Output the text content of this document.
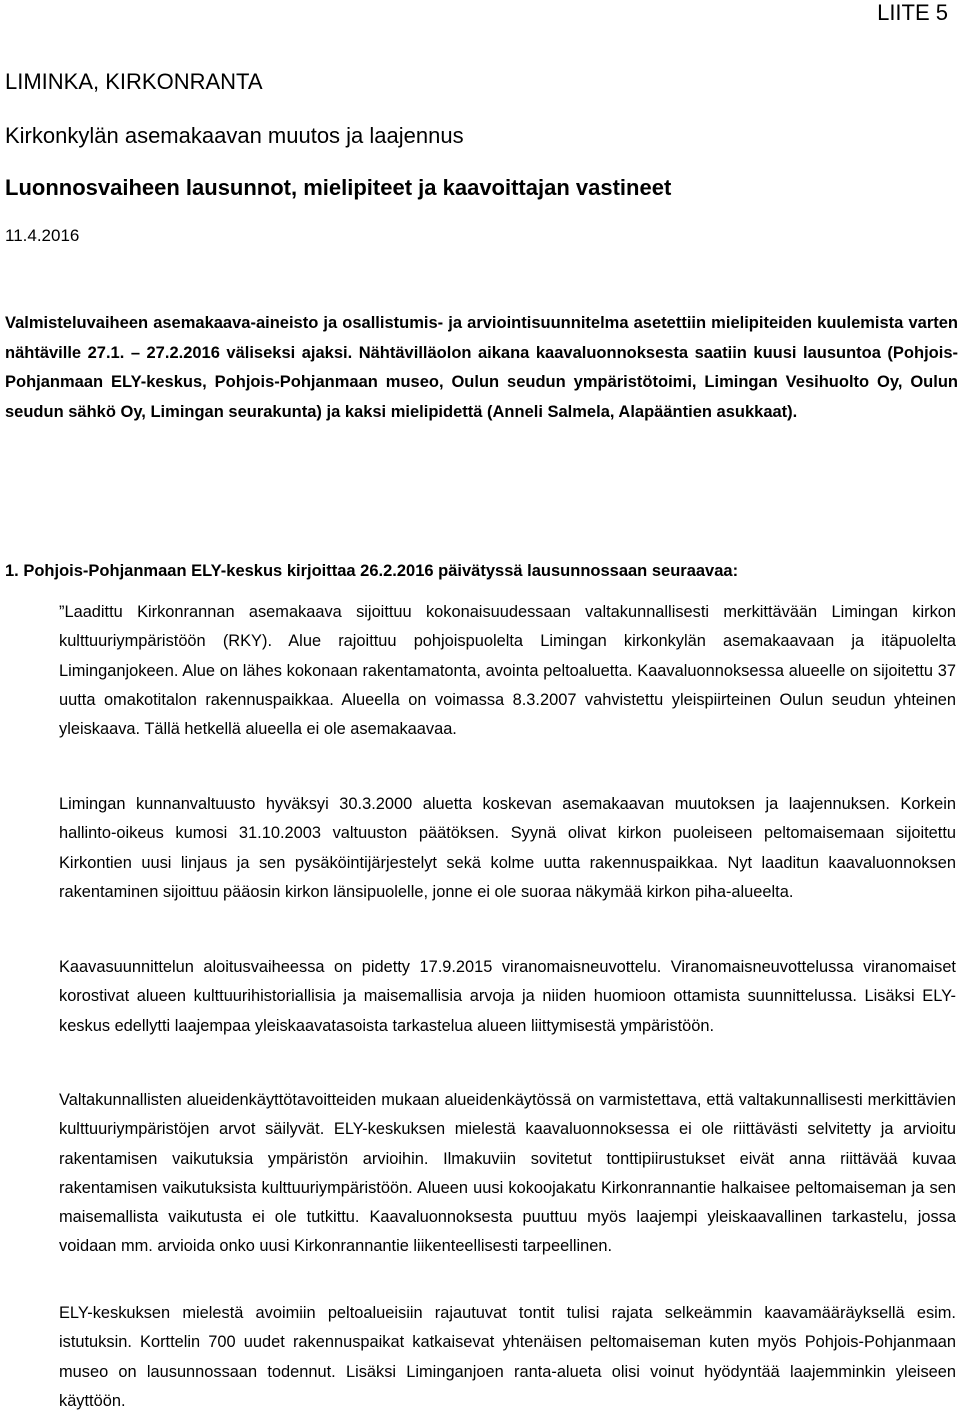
LIITE 5
LIMINKA, KIRKONRANTA
Kirkonkylän asemakaavan muutos ja laajennus
Luonnosvaiheen lausunnot, mielipiteet ja kaavoittajan vastineet
11.4.2016

Valmisteluvaiheen asemakaava-aineisto ja osallistumis- ja arviointisuunnitelma asetettiin mielipiteiden kuulemista varten nähtäville 27.1. – 27.2.2016 väliseksi ajaksi. Nähtävilläolon aikana kaavaluonnoksesta saatiin kuusi lausuntoa (Pohjois-Pohjanmaan ELY-keskus, Pohjois-Pohjanmaan museo, Oulun seudun ympäristötoimi, Limingan Vesihuolto Oy, Oulun seudun sähkö Oy, Limingan seurakunta) ja kaksi mielipidettä (Anneli Salmela, Alapääntien asukkaat).

1. Pohjois-Pohjanmaan ELY-keskus kirjoittaa 26.2.2016 päivätyssä lausunnossaan seuraavaa:

”Laadittu Kirkonrannan asemakaava sijoittuu kokonaisuudessaan valtakunnallisesti merkittävään Limingan kirkon kulttuuriympäristöön (RKY). Alue rajoittuu pohjoispuolelta Limingan kirkonkylän asemakaavaan ja itäpuolelta Liminganjokeen. Alue on lähes kokonaan rakentamatonta, avointa peltoaluetta. Kaavaluonnoksessa alueelle on sijoitettu 37 uutta omakotitalon rakennuspaikkaa. Alueella on voimassa 8.3.2007 vahvistettu yleispiirteinen Oulun seudun yhteinen yleiskaava. Tällä hetkellä alueella ei ole asemakaavaa.

Limingan kunnanvaltuusto hyväksyi 30.3.2000 aluetta koskevan asemakaavan muutoksen ja laajennuksen. Korkein hallinto-oikeus kumosi 31.10.2003 valtuuston päätöksen. Syynä olivat kirkon puoleiseen peltomaisemaan sijoitettu Kirkontien uusi linjaus ja sen pysäköintijärjestelyt sekä kolme uutta rakennuspaikkaa. Nyt laaditun kaavaluonnoksen rakentaminen sijoittuu pääosin kirkon länsipuolelle, jonne ei ole suoraa näkymää kirkon piha-alueelta.

Kaavasuunnittelun aloitusvaiheessa on pidetty 17.9.2015 viranomaisneuvottelu. Viranomaisneuvottelussa viranomaiset korostivat alueen kulttuurihistoriallisia ja maisemallisia arvoja ja niiden huomioon ottamista suunnittelussa. Lisäksi ELY-keskus edellytti laajempaa yleiskaavatasoista tarkastelua alueen liittymisestä ympäristöön.

Valtakunnallisten alueidenkäyttötavoitteiden mukaan alueidenkäytössä on varmistettava, että valtakunnallisesti merkittävien kulttuuriympäristöjen arvot säilyvät. ELY-keskuksen mielestä kaavaluonnoksessa ei ole riittävästi selvitetty ja arvioitu rakentamisen vaikutuksia ympäristön arvioihin. Ilmakuviin sovitetut tonttipiirustukset eivät anna riittävää kuvaa rakentamisen vaikutuksista kulttuuriympäristöön. Alueen uusi kokoojakatu Kirkonrannantie halkaisee peltomaiseman ja sen maisemallista vaikutusta ei ole tutkittu. Kaavaluonnoksesta puuttuu myös laajempi yleiskaavallinen tarkastelu, jossa voidaan mm. arvioida onko uusi Kirkonrannantie liikenteellisesti tarpeellinen.

ELY-keskuksen mielestä avoimiin peltoalueisiin rajautuvat tontit tulisi rajata selkeämmin kaavamääräyksellä esim. istutuksin. Korttelin 700 uudet rakennuspaikat katkaisevat yhtenäisen peltomaiseman kuten myös Pohjois-Pohjanmaan museo on lausunnossaan todennut. Lisäksi Liminganjoen ranta-alueta olisi voinut hyödyntää laajemminkin yleiseen käyttöön.
